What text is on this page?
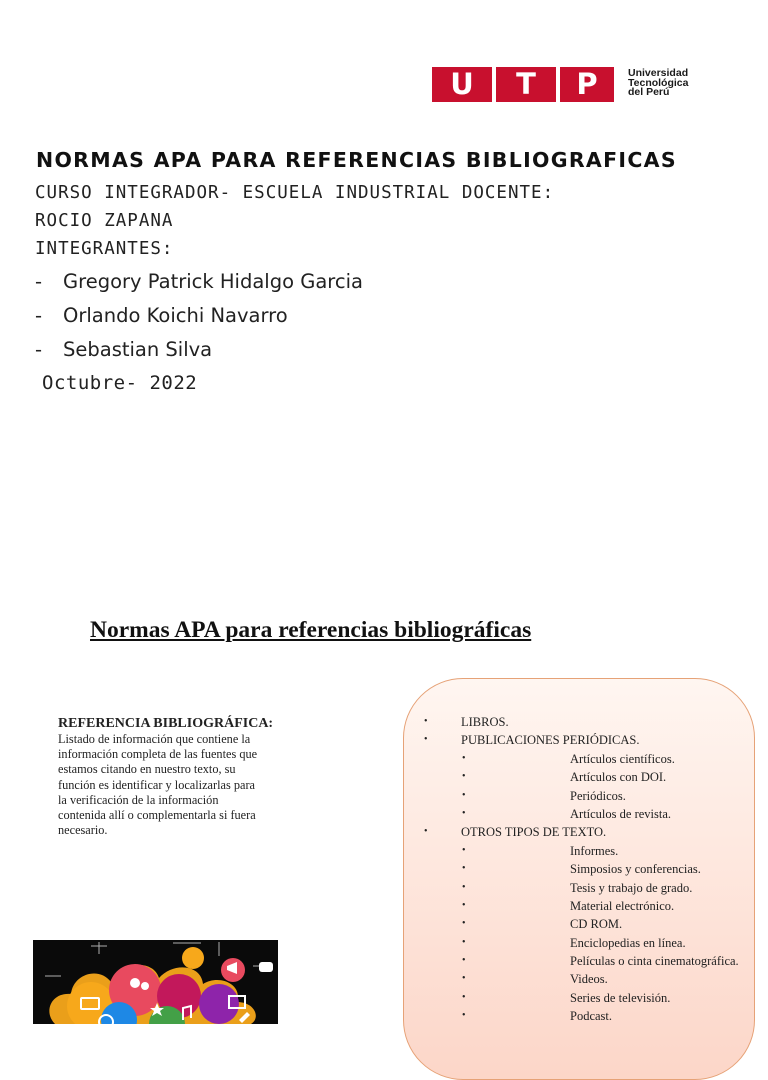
U	T	P	Universidad
Tecnológica
del Perú
NORMAS APA PARA REFERENCIAS BIBLIOGRAFICAS
CURSO INTEGRADOR- ESCUELA INDUSTRIAL DOCENTE:
ROCIO ZAPANA
INTEGRANTES:
- Gregory Patrick Hidalgo Garcia
- Orlando Koichi Navarro
- Sebastian Silva
Octubre- 2022
Normas APA para referencias bibliográficas
REFERENCIA BIBLIOGRÁFICA:
Listado de información que contiene la
información completa de las fuentes que
estamos citando en nuestro texto, su
función es identificar y localizarlas para
la verificación de la información
contenida allí o complementarla si fuera
necesario.
•	LIBROS.
•	PUBLICACIONES PERIÓDICAS.
•	Artículos científicos.
•	Artículos con DOI.
•	Periódicos.
•	Artículos de revista.
•	OTROS TIPOS DE TEXTO.
•	Informes.
•	Simposios y conferencias.
•	Tesis y trabajo de grado.
•	Material electrónico.
•	CD ROM.
•	Enciclopedias en línea.
•	Películas o cinta cinematográfica.
•	Videos.
•	Series de televisión.
•	Podcast.
